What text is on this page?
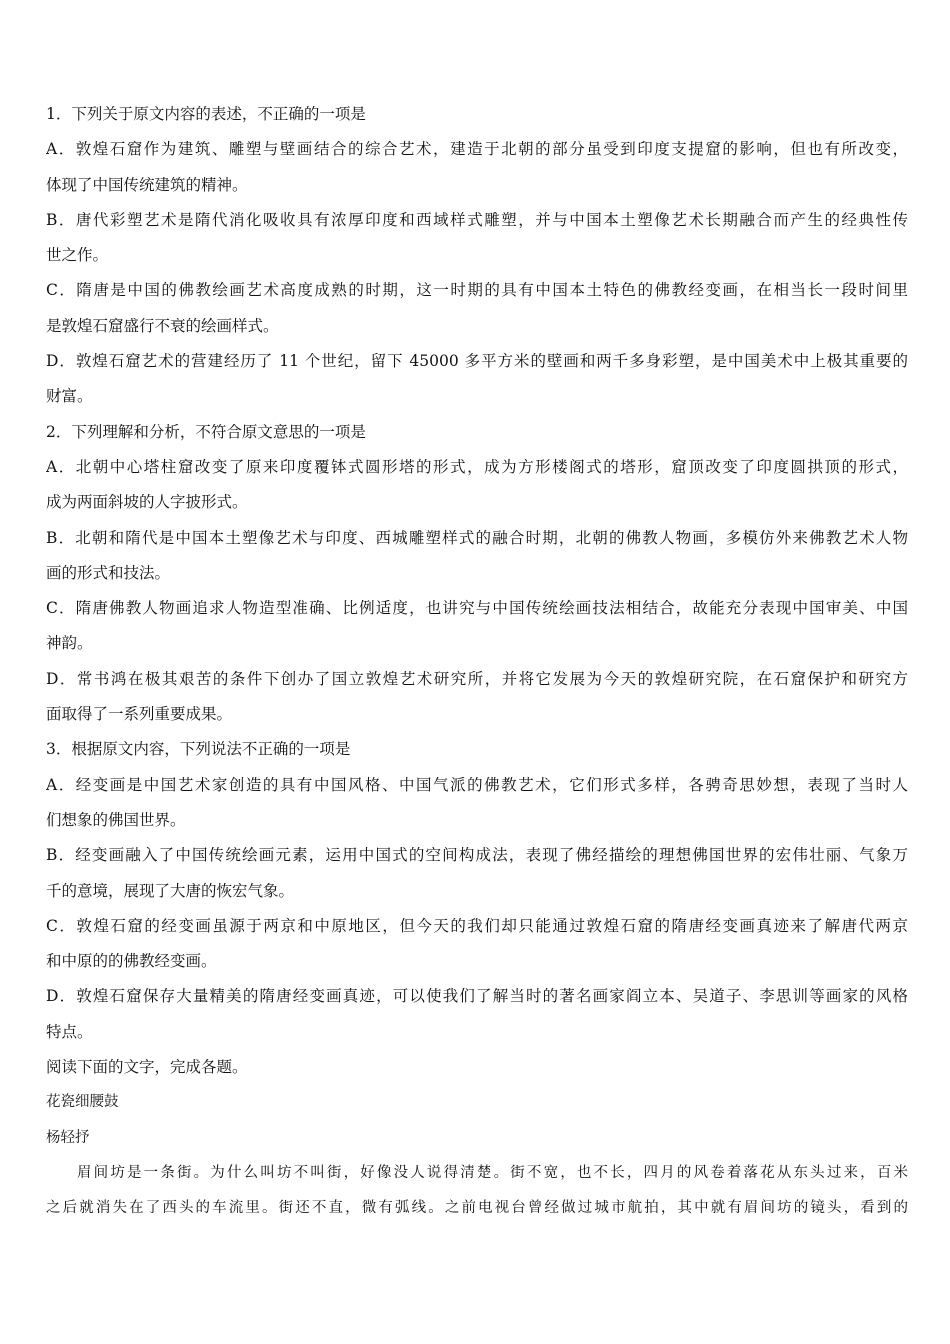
1．下列关于原文内容的表述，不正确的一项是
A．敦煌石窟作为建筑、雕塑与壁画结合的综合艺术，建造于北朝的部分虽受到印度支提窟的影响，但也有所改变，
体现了中国传统建筑的精神。
B．唐代彩塑艺术是隋代消化吸收具有浓厚印度和西域样式雕塑，并与中国本土塑像艺术长期融合而产生的经典性传
世之作。
C．隋唐是中国的佛教绘画艺术高度成熟的时期，这一时期的具有中国本土特色的佛教经变画，在相当长一段时间里
是敦煌石窟盛行不衰的绘画样式。
D．敦煌石窟艺术的营建经历了 11 个世纪，留下 45000 多平方米的壁画和两千多身彩塑，是中国美术中上极其重要的
财富。
2．下列理解和分析，不符合原文意思的一项是
A．北朝中心塔柱窟改变了原来印度覆钵式圆形塔的形式，成为方形楼阁式的塔形，窟顶改变了印度圆拱顶的形式，
成为两面斜坡的人字披形式。
B．北朝和隋代是中国本土塑像艺术与印度、西城雕塑样式的融合时期，北朝的佛教人物画，多模仿外来佛教艺术人物
画的形式和技法。
C．隋唐佛教人物画追求人物造型准确、比例适度，也讲究与中国传统绘画技法相结合，故能充分表现中国审美、中国
神韵。
D．常书鸿在极其艰苦的条件下创办了国立敦煌艺术研究所，并将它发展为今天的敦煌研究院，在石窟保护和研究方
面取得了一系列重要成果。
3．根据原文内容，下列说法不正确的一项是
A．经变画是中国艺术家创造的具有中国风格、中国气派的佛教艺术，它们形式多样，各骋奇思妙想，表现了当时人
们想象的佛国世界。
B．经变画融入了中国传统绘画元素，运用中国式的空间构成法，表现了佛经描绘的理想佛国世界的宏伟壮丽、气象万
千的意境，展现了大唐的恢宏气象。
C．敦煌石窟的经变画虽源于两京和中原地区，但今天的我们却只能通过敦煌石窟的隋唐经变画真迹来了解唐代两京
和中原的的佛教经变画。
D．敦煌石窟保存大量精美的隋唐经变画真迹，可以使我们了解当时的著名画家阎立本、吴道子、李思训等画家的风格
特点。
阅读下面的文字，完成各题。
花瓷细腰鼓
杨轻抒
眉间坊是一条街。为什么叫坊不叫街，好像没人说得清楚。街不宽，也不长，四月的风卷着落花从东头过来，百米
之后就消失在了西头的车流里。街还不直，微有弧线。之前电视台曾经做过城市航拍，其中就有眉间坊的镜头，看到的
